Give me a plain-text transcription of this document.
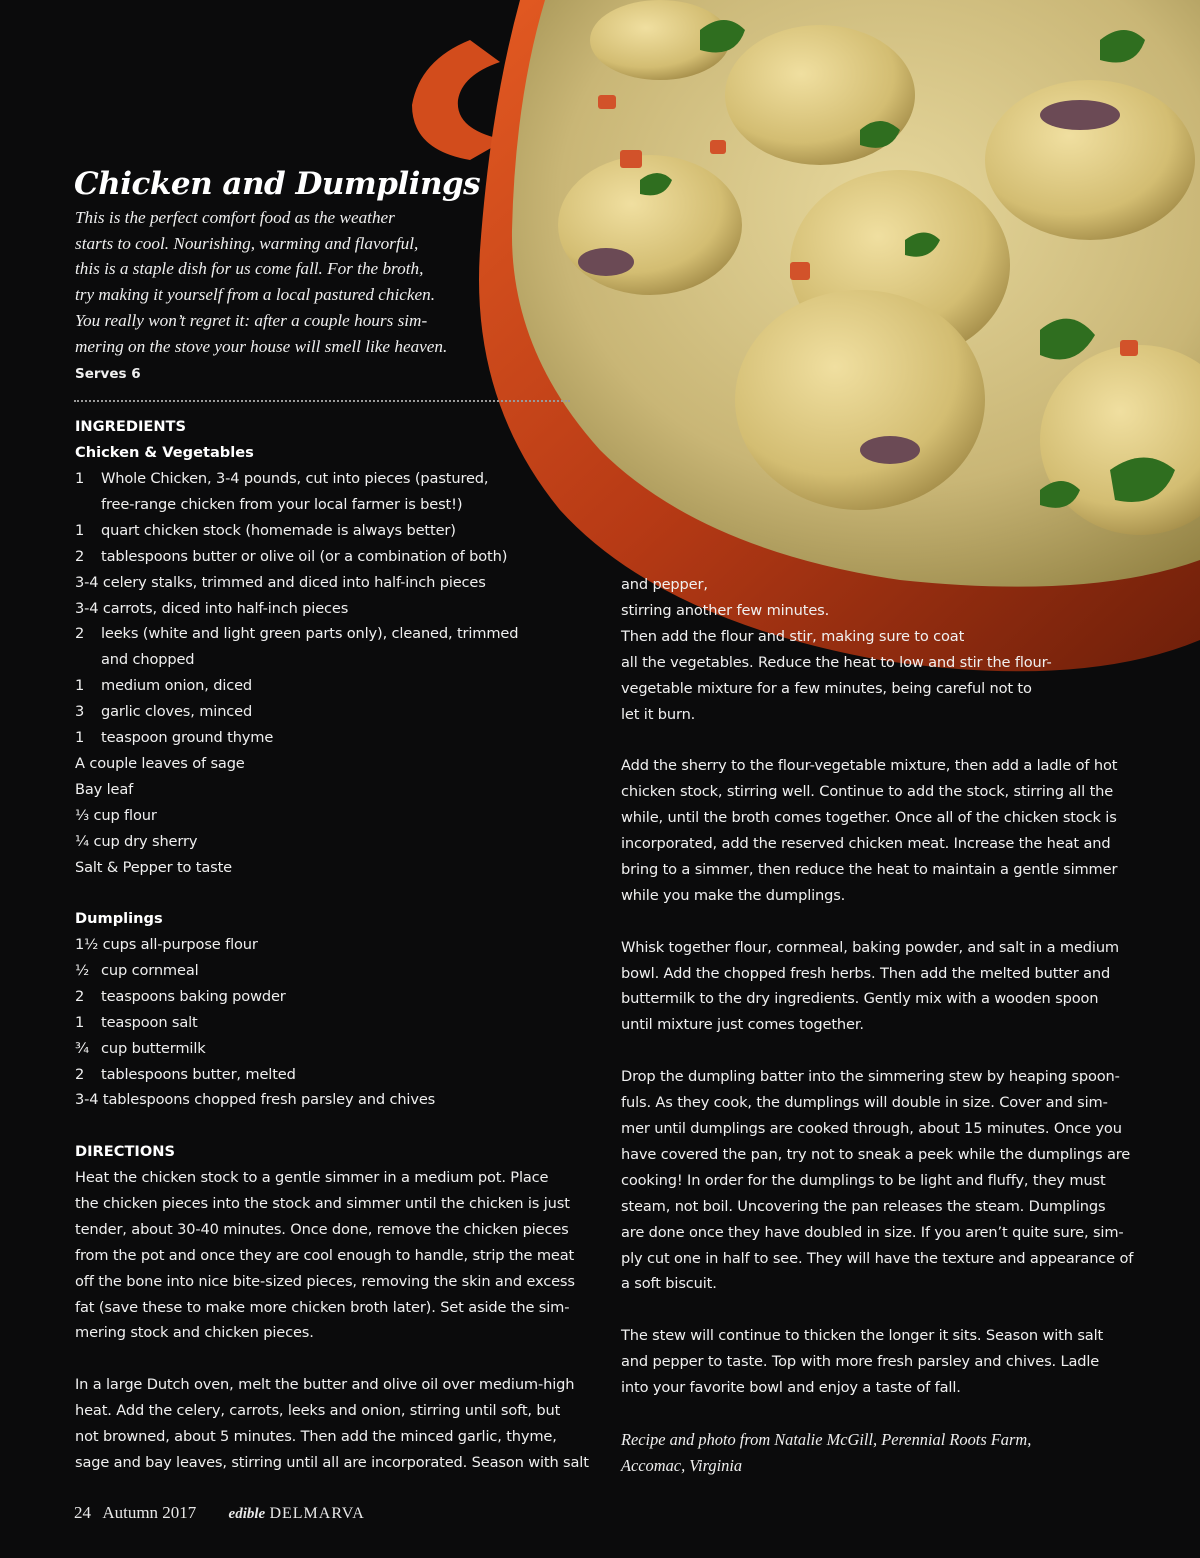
Chicken and Dumplings
This is the perfect comfort food as the weather
starts to cool. Nourishing, warming and flavorful,
this is a staple dish for us come fall. For the broth,
try making it yourself from a local pastured chicken.
You really won’t regret it: after a couple hours sim-
mering on the stove your house will smell like heaven.
Serves 6
INGREDIENTS
Chicken & Vegetables
1	Whole Chicken, 3-4 pounds, cut into pieces (pastured,
free-range chicken from your local farmer is best!)
1	quart chicken stock (homemade is always better)
2	tablespoons butter or olive oil (or a combination of both)
3-4 celery stalks, trimmed and diced into half-inch pieces
3-4 carrots, diced into half-inch pieces
2	leeks (white and light green parts only), cleaned, trimmed
and chopped
1	medium onion, diced
3	garlic cloves, minced
1	teaspoon ground thyme
A couple leaves of sage
Bay leaf
⅓ cup flour
¼ cup dry sherry
Salt & Pepper to taste
Dumplings
1½ cups all-purpose flour
½ cup cornmeal
2	teaspoons baking powder
1	teaspoon salt
¾ cup buttermilk
2	tablespoons butter, melted
3-4 tablespoons chopped fresh parsley and chives
DIRECTIONS
Heat the chicken stock to a gentle simmer in a medium pot. Place
the chicken pieces into the stock and simmer until the chicken is just
tender, about 30-40 minutes. Once done, remove the chicken pieces
from the pot and once they are cool enough to handle, strip the meat
off the bone into nice bite-sized pieces, removing the skin and excess
fat (save these to make more chicken broth later). Set aside the sim-
mering stock and chicken pieces.
In a large Dutch oven, melt the butter and olive oil over medium-high
heat. Add the celery, carrots, leeks and onion, stirring until soft, but
not browned, about 5 minutes. Then add the minced garlic, thyme,
sage and bay leaves, stirring until all are incorporated. Season with salt
and pepper,
stirring another few minutes.
Then add the flour and stir, making sure to coat
all the vegetables. Reduce the heat to low and stir the flour-
vegetable mixture for a few minutes, being careful not to
let it burn.
Add the sherry to the flour-vegetable mixture, then add a ladle of hot
chicken stock, stirring well. Continue to add the stock, stirring all the
while, until the broth comes together. Once all of the chicken stock is
incorporated, add the reserved chicken meat. Increase the heat and
bring to a simmer, then reduce the heat to maintain a gentle simmer
while you make the dumplings.
Whisk together flour, cornmeal, baking powder, and salt in a medium
bowl. Add the chopped fresh herbs. Then add the melted butter and
buttermilk to the dry ingredients. Gently mix with a wooden spoon
until mixture just comes together.
Drop the dumpling batter into the simmering stew by heaping spoon-
fuls. As they cook, the dumplings will double in size. Cover and sim-
mer until dumplings are cooked through, about 15 minutes. Once you
have covered the pan, try not to sneak a peek while the dumplings are
cooking! In order for the dumplings to be light and fluffy, they must
steam, not boil. Uncovering the pan releases the steam. Dumplings
are done once they have doubled in size. If you aren’t quite sure, sim-
ply cut one in half to see. They will have the texture and appearance of
a soft biscuit.
The stew will continue to thicken the longer it sits. Season with salt
and pepper to taste. Top with more fresh parsley and chives. Ladle
into your favorite bowl and enjoy a taste of fall.
Recipe and photo from Natalie McGill, Perennial Roots Farm,
Accomac, Virginia
24 Autumn 2017 edible DELMARVA
